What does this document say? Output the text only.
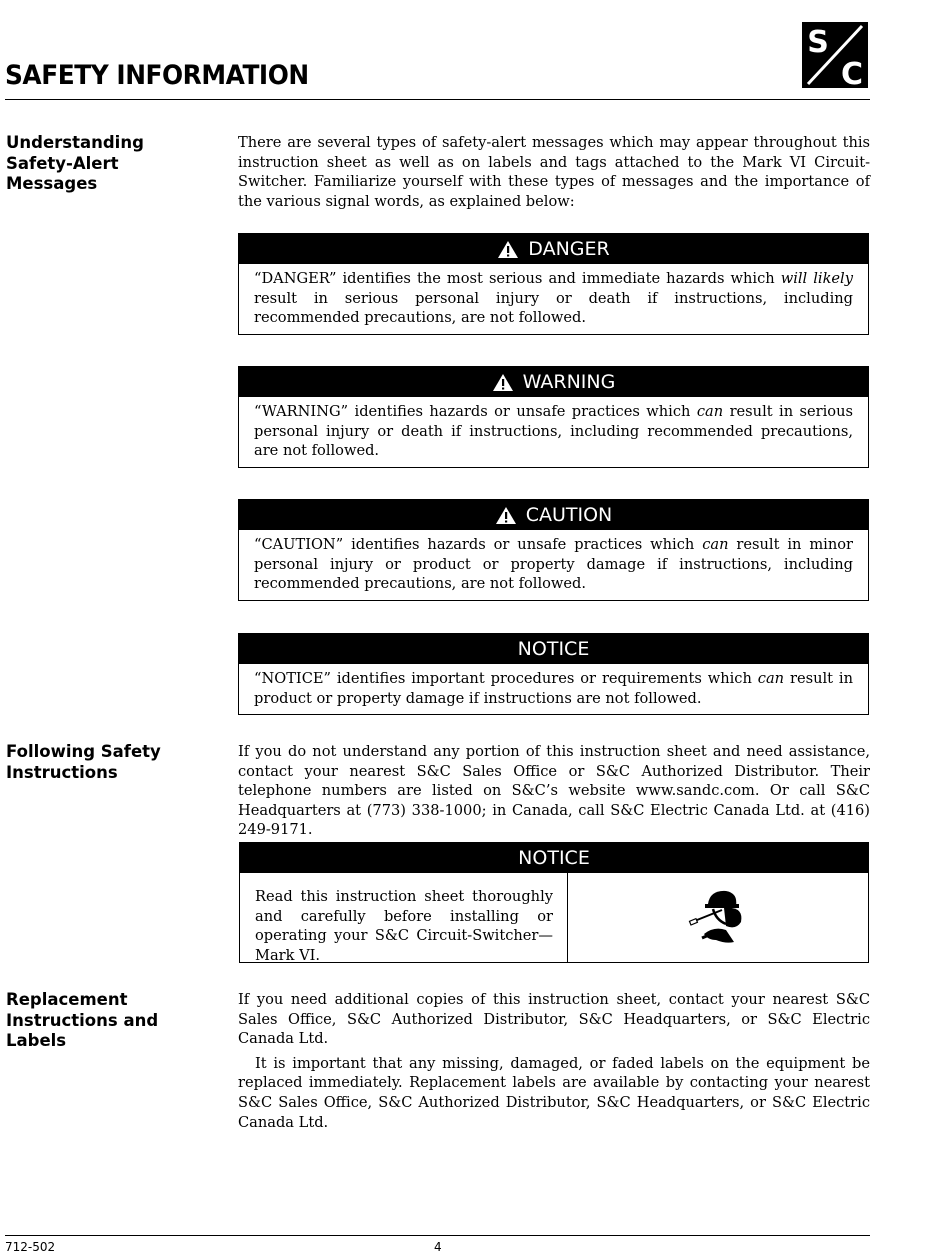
S
C
SAFETY INFORMATION
Understanding
Safety-Alert
Messages

There are several types of safety-alert messages which may appear throughout this instruction sheet as well as on labels and tags attached to the Mark VI Circuit-Switcher. Familiarize yourself with these types of messages and the importance of the various signal words, as explained below:

DANGER
“DANGER” identifies the most serious and immediate hazards which will likely result in serious personal injury or death if instructions, including recommended precautions, are not followed.
WARNING
“WARNING” identifies hazards or unsafe practices which can result in serious personal injury or death if instructions, including recommended precautions, are not followed.
CAUTION
“CAUTION” identifies hazards or unsafe practices which can result in minor personal injury or product or property damage if instructions, including recommended precautions, are not followed.
NOTICE
“NOTICE” identifies important procedures or requirements which can result in product or property damage if instructions are not followed.
Following Safety
Instructions

If you do not understand any portion of this instruction sheet and need assistance, contact your nearest S&C Sales Office or S&C Authorized Distributor. Their telephone numbers are listed on S&C’s website www.sandc.com. Or call S&C Headquarters at (773) 338-1000; in Canada, call S&C Electric Canada Ltd. at (416) 249-9171.

NOTICE
Read this instruction sheet thoroughly and carefully before installing or operating your S&C Circuit-Switcher—Mark VI.
Replacement
Instructions and
Labels

If you need additional copies of this instruction sheet, contact your nearest S&C Sales Office, S&C Authorized Distributor, S&C Headquarters, or S&C Electric Canada Ltd.

It is important that any missing, damaged, or faded labels on the equipment be replaced immediately. Replacement labels are available by contacting your nearest S&C Sales Office, S&C Authorized Distributor, S&C Headquarters, or S&C Electric Canada Ltd.

712-502	4
